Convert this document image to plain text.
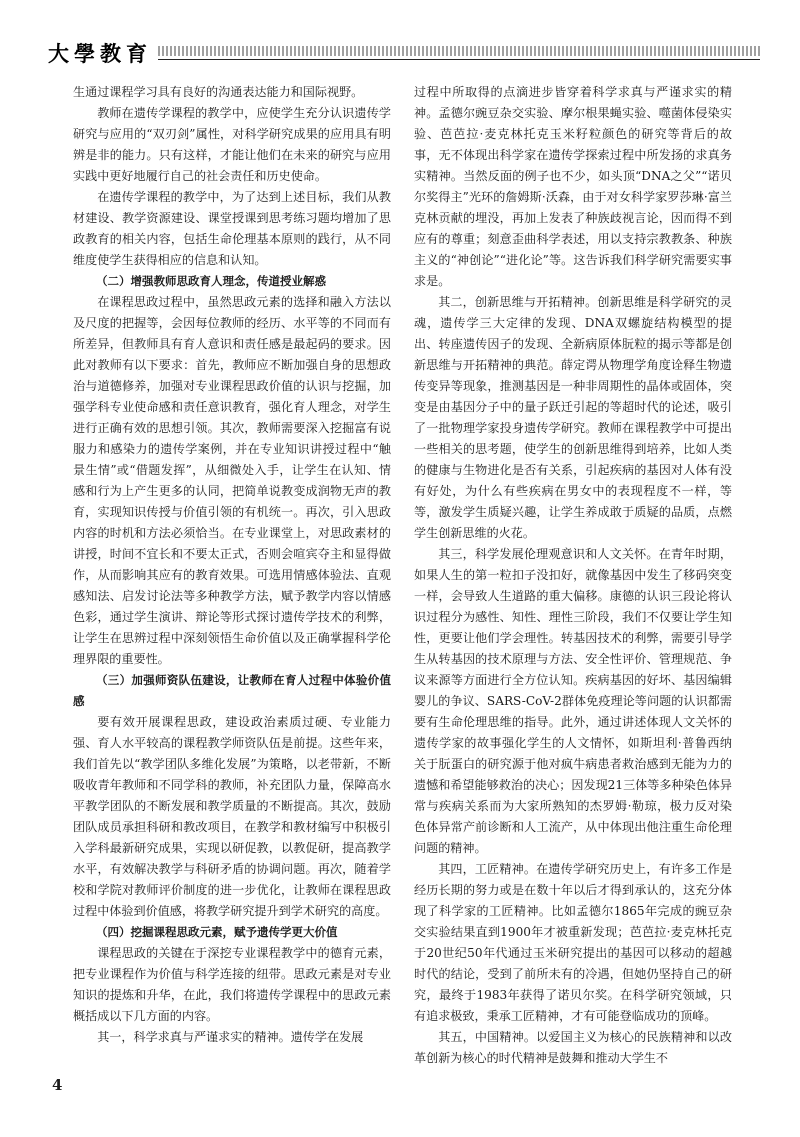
大學教育

生通过课程学习具有良好的沟通表达能力和国际视野。

教师在遗传学课程的教学中，应使学生充分认识遗传学研究与应用的“双刃剑”属性，对科学研究成果的应用具有明辨是非的能力。只有这样，才能让他们在未来的研究与应用实践中更好地履行自己的社会责任和历史使命。

在遗传学课程的教学中，为了达到上述目标，我们从教材建设、教学资源建设、课堂授课到思考练习题均增加了思政教育的相关内容，包括生命伦理基本原则的践行，从不同维度使学生获得相应的信息和认知。

（二）增强教师思政育人理念，传道授业解惑

在课程思政过程中，虽然思政元素的选择和融入方法以及尺度的把握等，会因每位教师的经历、水平等的不同而有所差异，但教师具有育人意识和责任感是最起码的要求。因此对教师有以下要求：首先，教师应不断加强自身的思想政治与道德修养，加强对专业课程思政价值的认识与挖掘，加强学科专业使命感和责任意识教育，强化育人理念，对学生进行正确有效的思想引领。其次，教师需要深入挖掘富有说服力和感染力的遗传学案例，并在专业知识讲授过程中“触景生情”或“借题发挥”，从细微处入手，让学生在认知、情感和行为上产生更多的认同，把简单说教变成润物无声的教育，实现知识传授与价值引领的有机统一。再次，引入思政内容的时机和方法必须恰当。在专业课堂上，对思政素材的讲授，时间不宜长和不要太正式，否则会喧宾夺主和显得做作，从而影响其应有的教育效果。可选用情感体验法、直观感知法、启发讨论法等多种教学方法，赋予教学内容以情感色彩，通过学生演讲、辩论等形式探讨遗传学技术的利弊，让学生在思辨过程中深刻领悟生命价值以及正确掌握科学伦理界限的重要性。

（三）加强师资队伍建设，让教师在育人过程中体验价值感

要有效开展课程思政，建设政治素质过硬、专业能力强、育人水平较高的课程教学师资队伍是前提。这些年来，我们首先以“教学团队多维化发展”为策略，以老带新，不断吸收青年教师和不同学科的教师，补充团队力量，保障高水平教学团队的不断发展和教学质量的不断提高。其次，鼓励团队成员承担科研和教改项目，在教学和教材编写中积极引入学科最新研究成果，实现以研促教，以教促研，提高教学水平，有效解决教学与科研矛盾的协调问题。再次，随着学校和学院对教师评价制度的进一步优化，让教师在课程思政过程中体验到价值感，将教学研究提升到学术研究的高度。

（四）挖掘课程思政元素，赋予遗传学更大价值

课程思政的关键在于深挖专业课程教学中的德育元素，把专业课程作为价值与科学连接的纽带。思政元素是对专业知识的提炼和升华，在此，我们将遗传学课程中的思政元素概括成以下几方面的内容。

其一，科学求真与严谨求实的精神。遗传学在发展

过程中所取得的点滴进步皆穿着科学求真与严谨求实的精神。孟德尔豌豆杂交实验、摩尔根果蝇实验、噬菌体侵染实验、芭芭拉·麦克林托克玉米籽粒颜色的研究等背后的故事，无不体现出科学家在遗传学探索过程中所发扬的求真务实精神。当然反面的例子也不少，如头顶“DNA之父”“诺贝尔奖得主”光环的詹姆斯·沃森，由于对女科学家罗莎琳·富兰克林贡献的埋没，再加上发表了种族歧视言论，因而得不到应有的尊重；刻意歪曲科学表述，用以支持宗教教条、种族主义的“神创论”“进化论”等。这告诉我们科学研究需要实事求是。

其二，创新思维与开拓精神。创新思维是科学研究的灵魂，遗传学三大定律的发现、DNA双螺旋结构模型的提出、转座遗传因子的发现、全新病原体朊粒的揭示等都是创新思维与开拓精神的典范。薛定谔从物理学角度诠释生物遗传变异等现象，推测基因是一种非周期性的晶体或固体，突变是由基因分子中的量子跃迁引起的等超时代的论述，吸引了一批物理学家投身遗传学研究。教师在课程教学中可提出一些相关的思考题，使学生的创新思维得到培养，比如人类的健康与生物进化是否有关系，引起疾病的基因对人体有没有好处，为什么有些疾病在男女中的表现程度不一样，等等，激发学生质疑兴趣，让学生养成敢于质疑的品质，点燃学生创新思维的火花。

其三，科学发展伦理观意识和人文关怀。在青年时期，如果人生的第一粒扣子没扣好，就像基因中发生了移码突变一样，会导致人生道路的重大偏移。康德的认识三段论将认识过程分为感性、知性、理性三阶段，我们不仅要让学生知性，更要让他们学会理性。转基因技术的利弊，需要引导学生从转基因的技术原理与方法、安全性评价、管理规范、争议来源等方面进行全方位认知。疾病基因的好坏、基因编辑婴儿的争议、SARS-CoV-2群体免疫理论等问题的认识都需要有生命伦理思维的指导。此外，通过讲述体现人文关怀的遗传学家的故事强化学生的人文情怀，如斯坦利·普鲁西纳关于朊蛋白的研究源于他对疯牛病患者救治感到无能为力的遗憾和希望能够救治的决心；因发现21三体等多种染色体异常与疾病关系而为大家所熟知的杰罗姆·勒琼，极力反对染色体异常产前诊断和人工流产，从中体现出他注重生命伦理问题的精神。

其四，工匠精神。在遗传学研究历史上，有许多工作是经历长期的努力或是在数十年以后才得到承认的，这充分体现了科学家的工匠精神。比如孟德尔1865年完成的豌豆杂交实验结果直到1900年才被重新发现；芭芭拉·麦克林托克于20世纪50年代通过玉米研究提出的基因可以移动的超越时代的结论，受到了前所未有的冷遇，但她仍坚持自己的研究，最终于1983年获得了诺贝尔奖。在科学研究领域，只有追求极致，秉承工匠精神，才有可能登临成功的顶峰。

其五，中国精神。以爱国主义为核心的民族精神和以改革创新为核心的时代精神是鼓舞和推动大学生不

4
